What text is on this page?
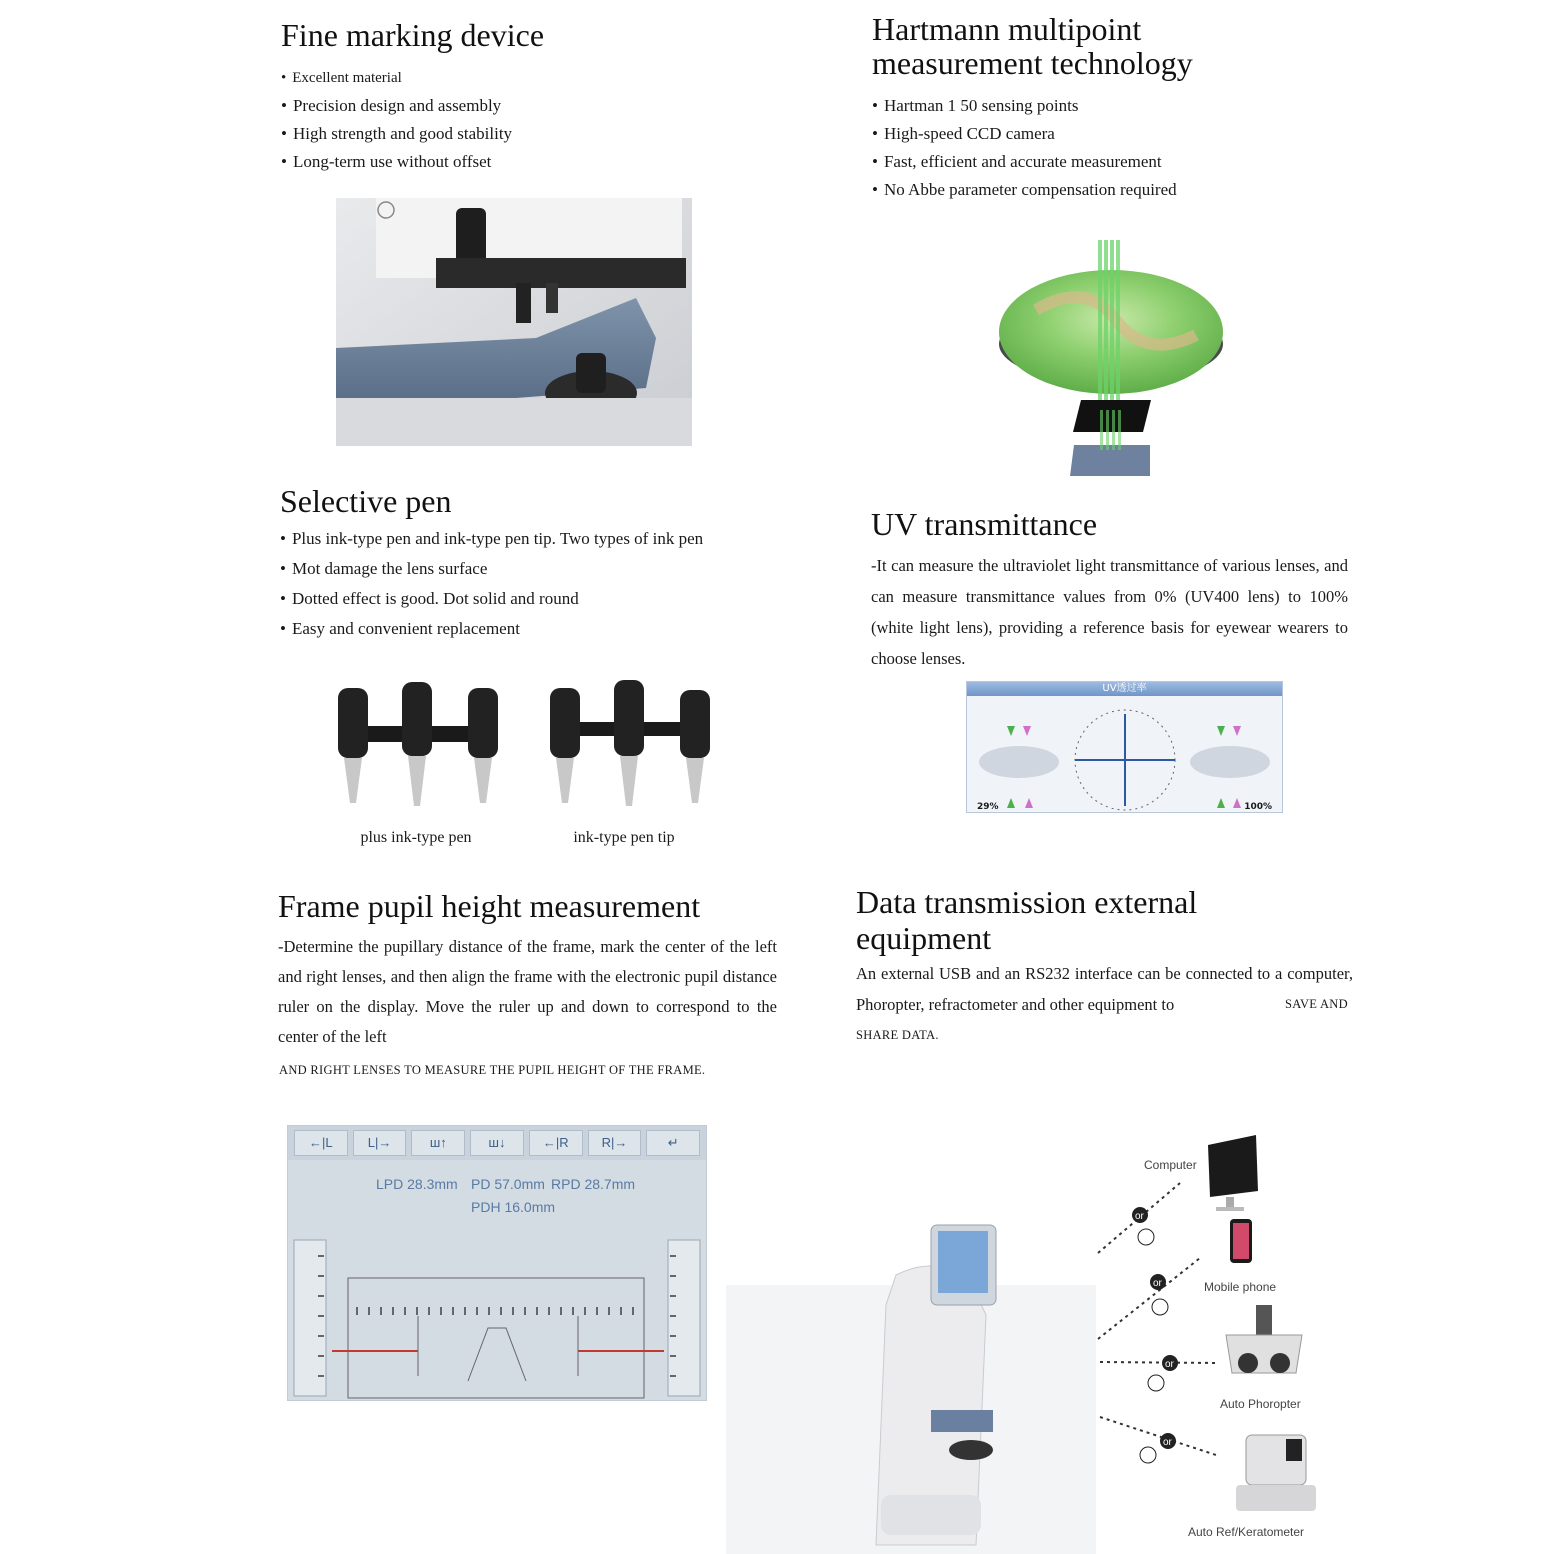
Fine marking device
• Excellent material
• Precision design and assembly
• High strength and good stability
• Long-term use without offset
Hartmann multipoint
measurement technology
• Hartman 1 50 sensing points
• High-speed CCD camera
• Fast, efficient and accurate measurement
• No Abbe parameter compensation required
Selective pen
• Plus ink-type pen and ink-type pen tip. Two types of ink pen
• Mot damage the lens surface
• Dotted effect is good. Dot solid and round
• Easy and convenient replacement
plus ink-type pen	ink-type pen tip
UV transmittance
-It can measure the ultraviolet light transmittance of various lenses, and can measure transmittance values from 0% (UV400 lens) to 100% (white light lens), providing a reference basis for eyewear wearers to choose lenses.
UV透过率
29%	100%
Frame pupil height measurement
-Determine the pupillary distance of the frame, mark the center of the left and right lenses, and then align the frame with the electronic pupil distance ruler on the display. Move the ruler up and down to correspond to the center of the left
AND RIGHT LENSES TO MEASURE THE PUPIL HEIGHT OF THE FRAME.
←|L	L|→	ш↑	ш↓	←|R	R|→	↵
LPD 28.3mm PD 57.0mm RPD 28.7mm
PDH 16.0mm
Data transmission external
equipment
An external USB and an RS232 interface can be connected to a computer, Phoropter, refractometer and other equipment to	SAVE AND
SHARE DATA.
or
or
or
or
Computer
Mobile phone
Auto Phoropter
Auto Ref/Keratometer
